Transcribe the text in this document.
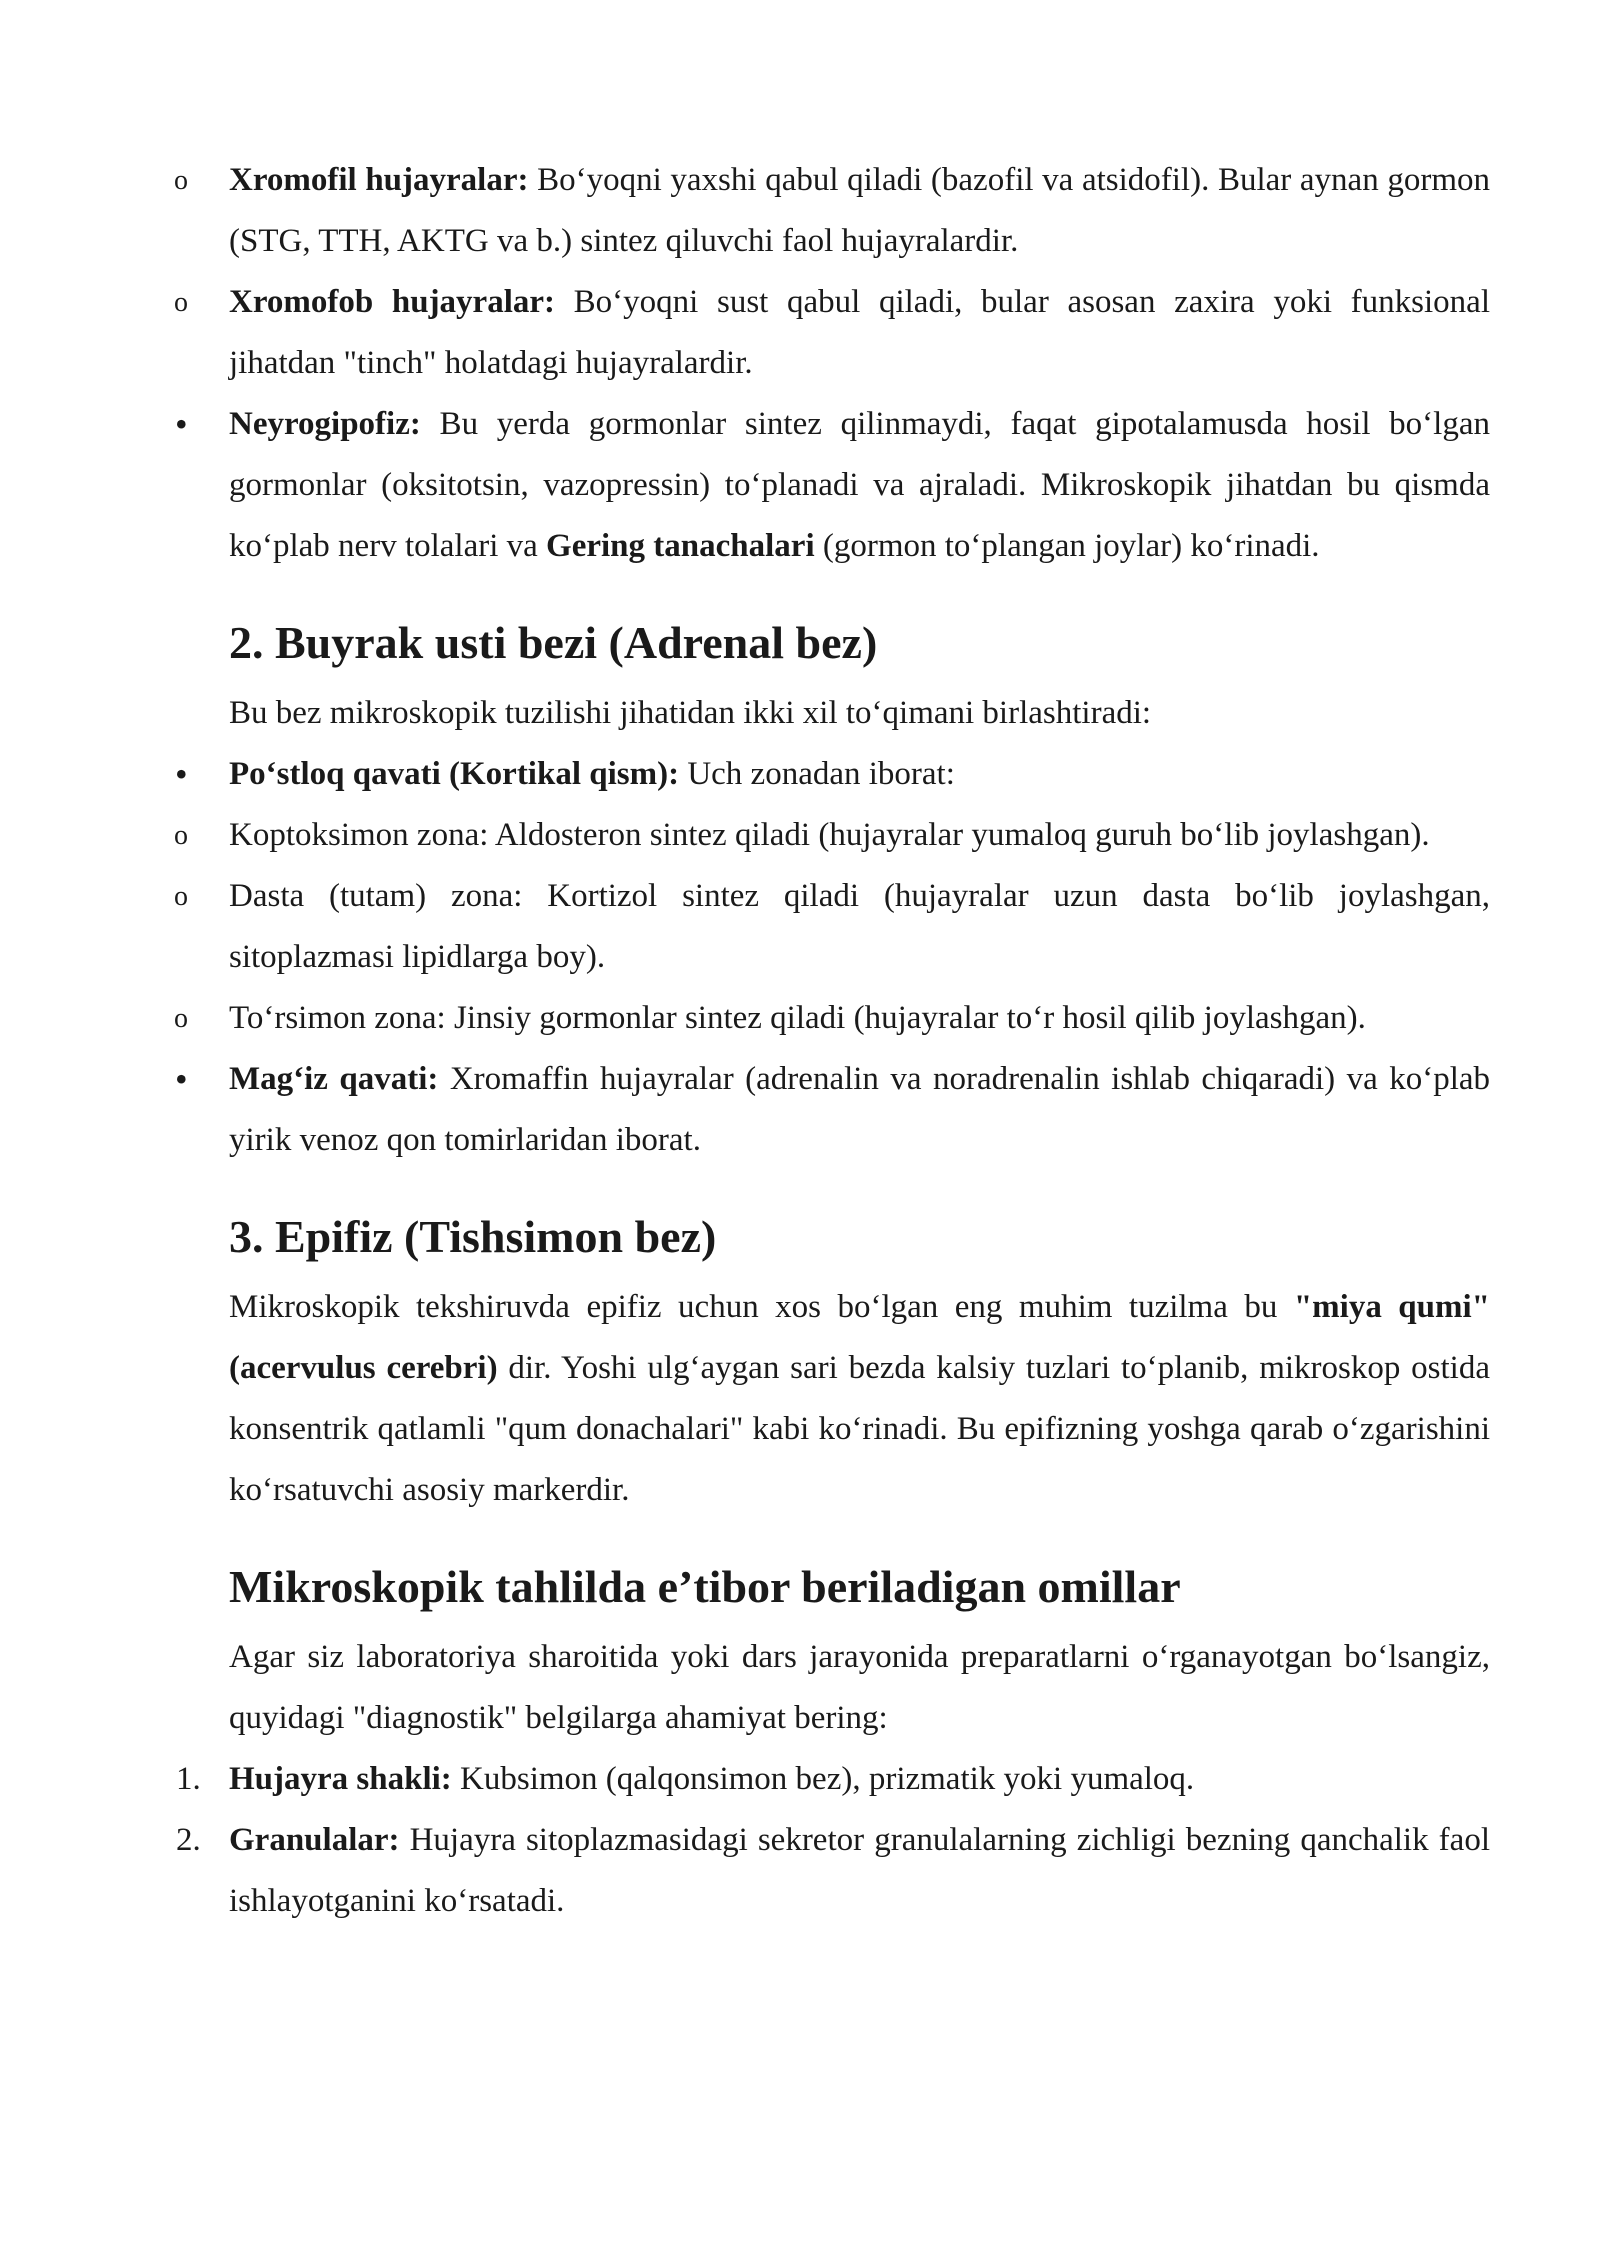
o Xromofil hujayralar: Bo‘yoqni yaxshi qabul qiladi (bazofil va atsidofil). Bular aynan gormon (STG, TTH, AKTG va b.) sintez qiluvchi faol hujayralardir.
o Xromofob hujayralar: Bo‘yoqni sust qabul qiladi, bular asosan zaxira yoki funksional jihatdan "tinch" holatdagi hujayralardir.
• Neyrogipofiz: Bu yerda gormonlar sintez qilinmaydi, faqat gipotalamusda hosil bo‘lgan gormonlar (oksitotsin, vazopressin) to‘planadi va ajraladi. Mikroskopik jihatdan bu qismda ko‘plab nerv tolalari va Gering tanachalari (gormon to‘plangan joylar) ko‘rinadi.
2. Buyrak usti bezi (Adrenal bez)
Bu bez mikroskopik tuzilishi jihatidan ikki xil to‘qimani birlashtiradi:
• Po‘stloq qavati (Kortikal qism): Uch zonadan iborat:
o Koptoksimon zona: Aldosteron sintez qiladi (hujayralar yumaloq guruh bo‘lib joylashgan).
o Dasta (tutam) zona: Kortizol sintez qiladi (hujayralar uzun dasta bo‘lib joylashgan, sitoplazmasi lipidlarga boy).
o To‘rsimon zona: Jinsiy gormonlar sintez qiladi (hujayralar to‘r hosil qilib joylashgan).
• Mag‘iz qavati: Xromaffin hujayralar (adrenalin va noradrenalin ishlab chiqaradi) va ko‘plab yirik venoz qon tomirlaridan iborat.
3. Epifiz (Tishsimon bez)
Mikroskopik tekshiruvda epifiz uchun xos bo‘lgan eng muhim tuzilma bu "miya qumi" (acervulus cerebri) dir. Yoshi ulg‘aygan sari bezda kalsiy tuzlari to‘planib, mikroskop ostida konsentrik qatlamli "qum donachalari" kabi ko‘rinadi. Bu epifizning yoshga qarab o‘zgarishini ko‘rsatuvchi asosiy markerdir.
Mikroskopik tahlilda e’tibor beriladigan omillar
Agar siz laboratoriya sharoitida yoki dars jarayonida preparatlarni o‘rganayotgan bo‘lsangiz, quyidagi "diagnostik" belgilarga ahamiyat bering:
1. Hujayra shakli: Kubsimon (qalqonsimon bez), prizmatik yoki yumaloq.
2. Granulalar: Hujayra sitoplazmasidagi sekretor granulalarning zichligi bezning qanchalik faol ishlayotganini ko‘rsatadi.
